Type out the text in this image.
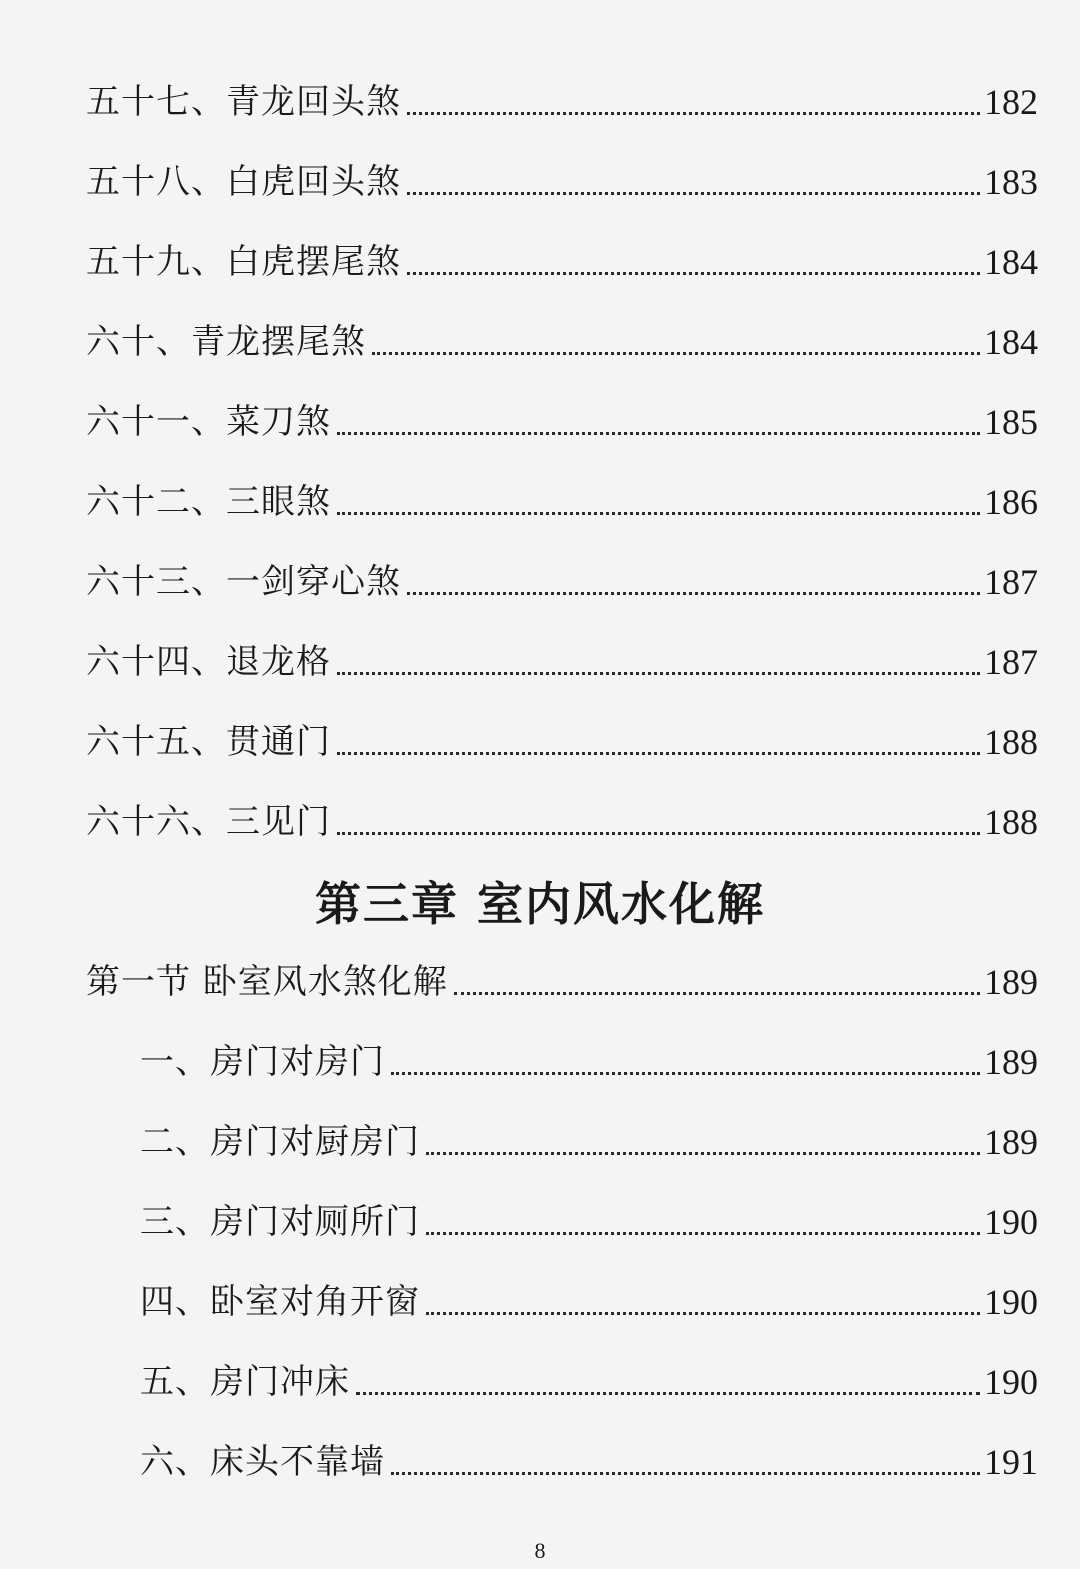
五十七、青龙回头煞	182
五十八、白虎回头煞	183
五十九、白虎摆尾煞	184
六十、青龙摆尾煞	184
六十一、菜刀煞	185
六十二、三眼煞	186
六十三、一剑穿心煞	187
六十四、退龙格	187
六十五、贯通门	188
六十六、三见门	188
第三章 室内风水化解
第一节 卧室风水煞化解	189
一、房门对房门	189
二、房门对厨房门	189
三、房门对厕所门	190
四、卧室对角开窗	190
五、房门冲床	190
六、床头不靠墙	191
8
